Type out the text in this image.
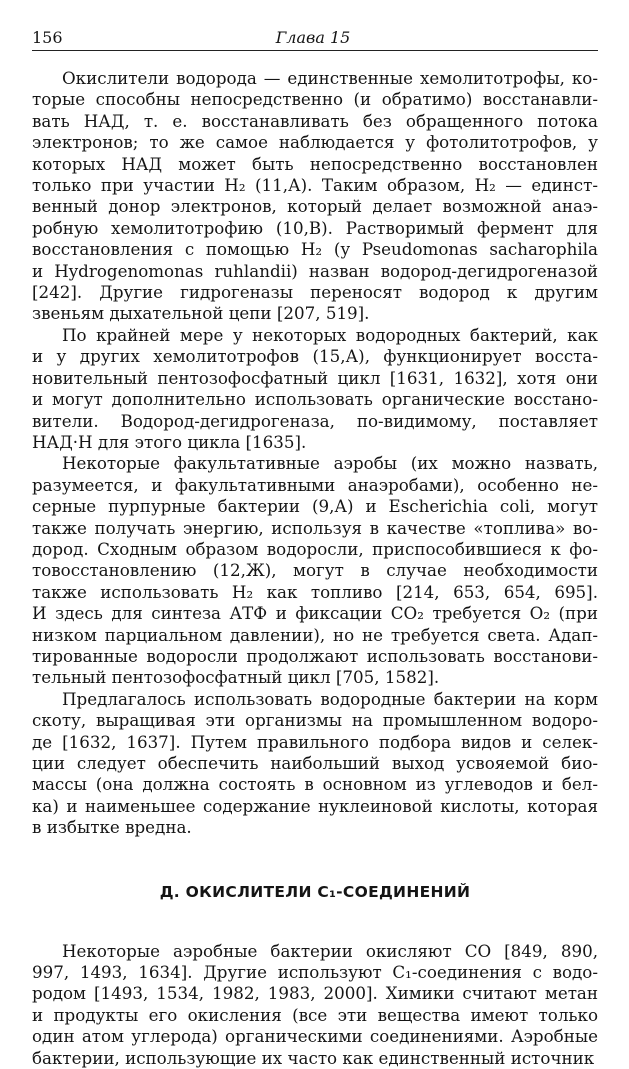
156	Глава 15
Окислители водорода — единственные хемолитотрофы, ко-
торые способны непосредственно (и обратимо) восстанавли-
вать НАД, т. е. восстанавливать без обращенного потока
электронов; то же самое наблюдается у фотолитотрофов, у
которых НАД может быть непосредственно восстановлен
только при участии H₂ (11,А). Таким образом, H₂ — единст-
венный донор электронов, который делает возможной анаэ-
робную хемолитотрофию (10,В). Растворимый фермент для
восстановления с помощью H₂ (у Pseudomonas sacharophila
и Hydrogenomonas ruhlandii) назван водород-дегидрогеназой
[242]. Другие гидрогеназы переносят водород к другим
звеньям дыхательной цепи [207, 519].
По крайней мере у некоторых водородных бактерий, как
и у других хемолитотрофов (15,А), функционирует восста-
новительный пентозофосфатный цикл [1631, 1632], хотя они
и могут дополнительно использовать органические восстано-
вители. Водород-дегидрогеназа, по-видимому, поставляет
НАД·Н для этого цикла [1635].
Некоторые факультативные аэробы (их можно назвать,
разумеется, и факультативными анаэробами), особенно не-
серные пурпурные бактерии (9,А) и Escherichia coli, могут
также получать энергию, используя в качестве «топлива» во-
дород. Сходным образом водоросли, приспособившиеся к фо-
товосстановлению (12,Ж), могут в случае необходимости
также использовать H₂ как топливо [214, 653, 654, 695].
И здесь для синтеза АТФ и фиксации CO₂ требуется O₂ (при
низком парциальном давлении), но не требуется света. Адап-
тированные водоросли продолжают использовать восстанови-
тельный пентозофосфатный цикл [705, 1582].
Предлагалось использовать водородные бактерии на корм
скоту, выращивая эти организмы на промышленном водоро-
де [1632, 1637]. Путем правильного подбора видов и селек-
ции следует обеспечить наибольший выход усвояемой био-
массы (она должна состоять в основном из углеводов и бел-
ка) и наименьшее содержание нуклеиновой кислоты, которая
в избытке вредна.
Д. ОКИСЛИТЕЛИ C₁-СОЕДИНЕНИЙ
Некоторые аэробные бактерии окисляют CO [849, 890,
997, 1493, 1634]. Другие используют C₁-соединения с водо-
родом [1493, 1534, 1982, 1983, 2000]. Химики считают метан
и продукты его окисления (все эти вещества имеют только
один атом углерода) органическими соединениями. Аэробные
бактерии, использующие их часто как единственный источник
